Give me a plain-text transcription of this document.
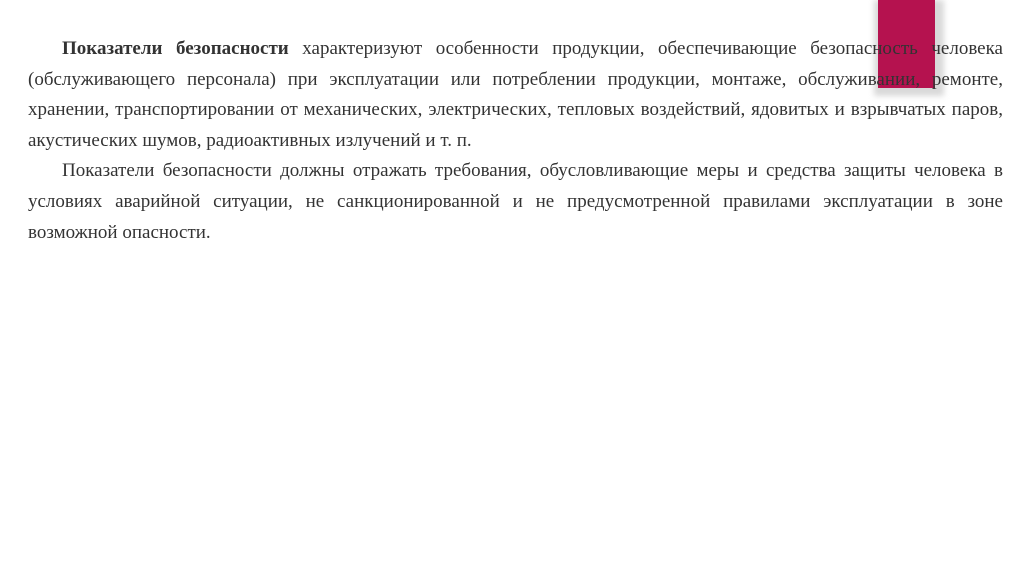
Показатели безопасности характеризуют особенности продукции, обеспечивающие безопасность человека (обслуживающего персонала) при эксплуатации или потреблении продукции, монтаже, обслуживании, ремонте, хранении, транспортировании от механических, электрических, тепловых воздействий, ядовитых и взрывчатых паров, акустических шумов, радиоактивных излучений и т. п.

Показатели безопасности должны отражать требования, обусловливающие меры и средства защиты человека в условиях аварийной ситуации, не санкционированной и не предусмотренной правилами эксплуатации в зоне возможной опасности.
